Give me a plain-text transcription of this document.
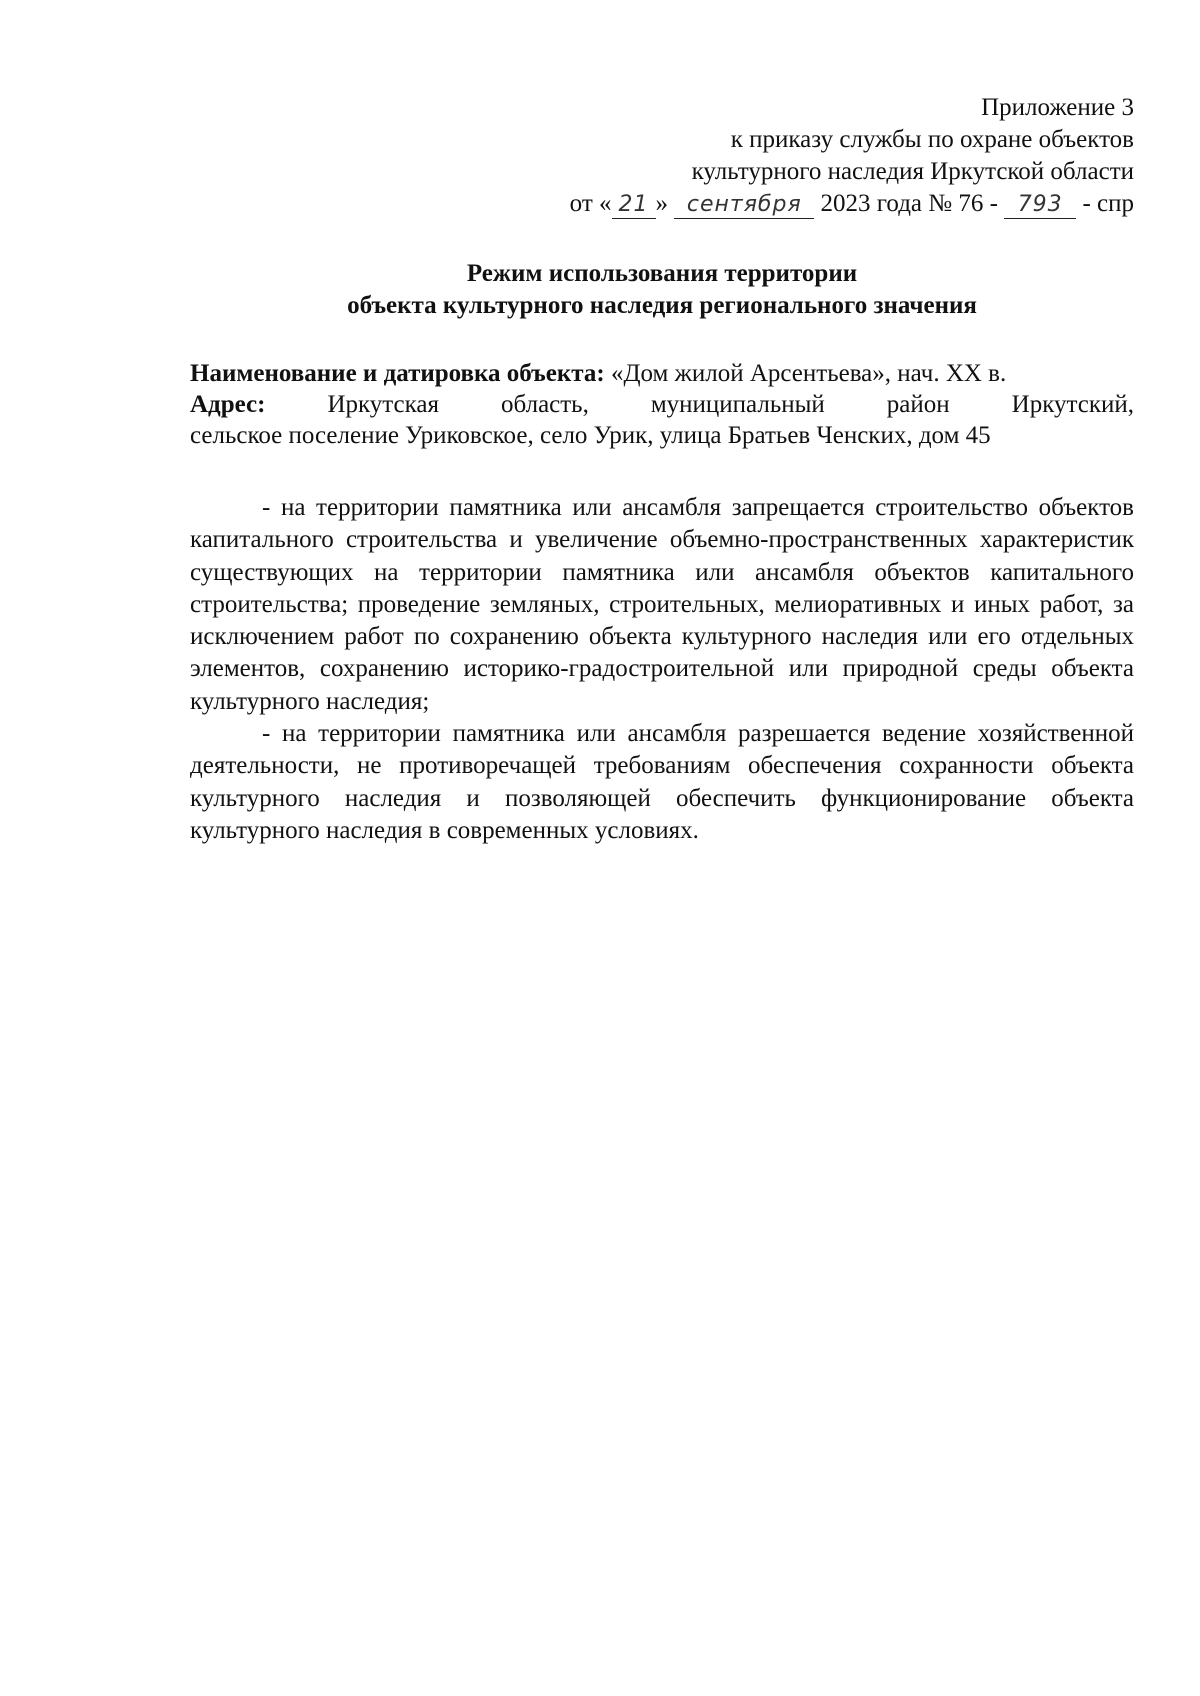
Приложение 3
к приказу службы по охране объектов
культурного наследия Иркутской области
от « 21 » сентября 2023 года № 76 - 793 - спр
Режим использования территории
объекта культурного наследия регионального значения
Наименование и датировка объекта: «Дом жилой Арсентьева», нач. XX в.
Адрес: Иркутская область, муниципальный район Иркутский,
сельское поселение Уриковское, село Урик, улица Братьев Ченских, дом 45

- на территории памятника или ансамбля запрещается строительство объектов капитального строительства и увеличение объемно-пространственных характеристик существующих на территории памятника или ансамбля объектов капитального строительства; проведение земляных, строительных, мелиоративных и иных работ, за исключением работ по сохранению объекта культурного наследия или его отдельных элементов, сохранению историко-градостроительной или природной среды объекта культурного наследия;

- на территории памятника или ансамбля разрешается ведение хозяйственной деятельности, не противоречащей требованиям обеспечения сохранности объекта культурного наследия и позволяющей обеспечить функционирование объекта культурного наследия в современных условиях.
